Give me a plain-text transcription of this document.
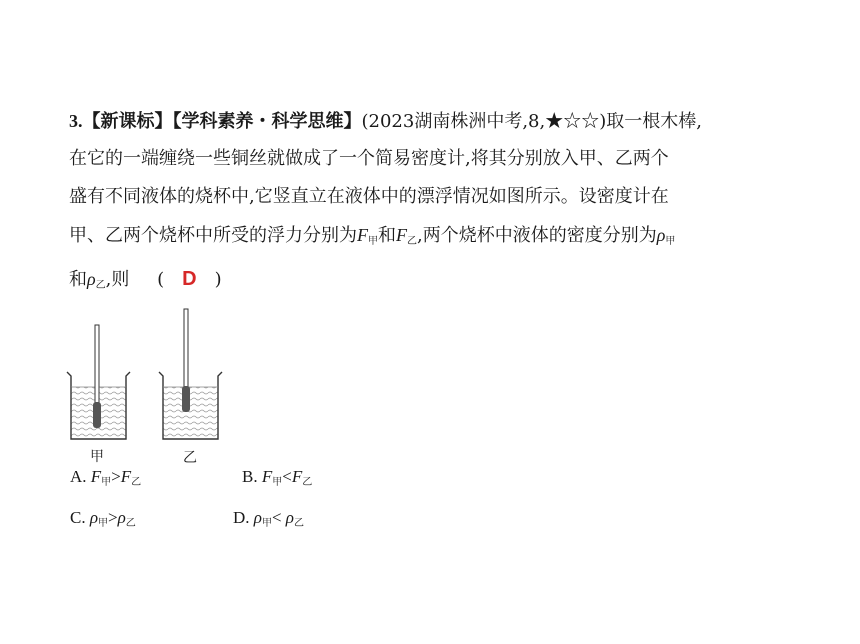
3.【新课标】【学科素养・科学思维】(2023湖南株洲中考,8,★☆☆)取一根木棒,
在它的一端缠绕一些铜丝就做成了一个简易密度计,将其分别放入甲、乙两个
盛有不同液体的烧杯中,它竖直立在液体中的漂浮情况如图所示。设密度计在
甲、乙两个烧杯中所受的浮力分别为$F_甲$和$F_乙$,两个烧杯中液体的密度分别为$\rho_甲$
和$\rho_乙$,则 ( D )
甲	乙
A. $F_甲>F_乙$	B. $F_甲<F_乙$
C. $\rho_甲>\rho_乙$	D. $\rho_甲< \rho_乙$
